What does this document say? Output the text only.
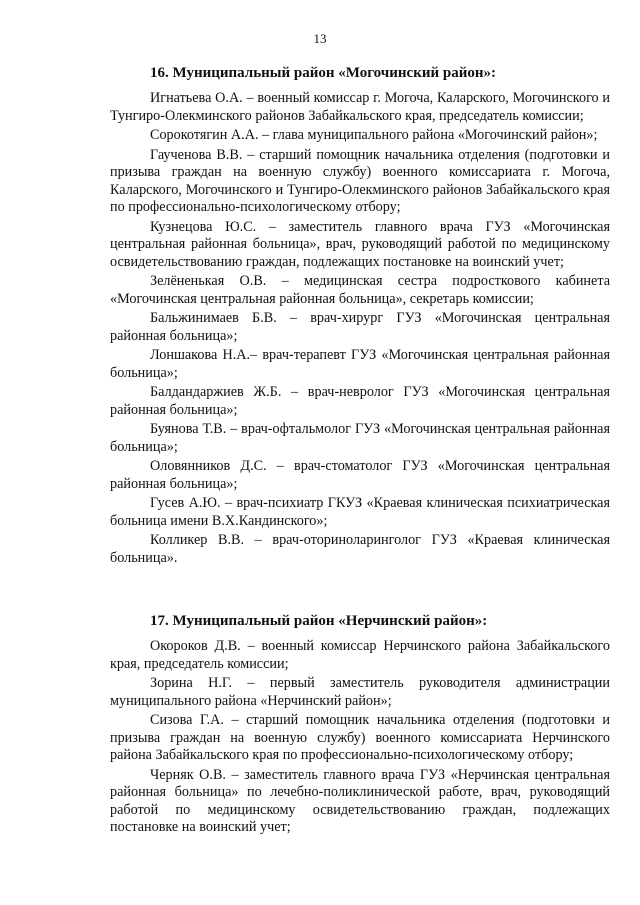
13
16. Муниципальный район «Могочинский район»:

Игнатьева О.А. – военный комиссар г. Могоча, Каларского, Могочинского и Тунгиро-Олекминского районов Забайкальского края, председатель комиссии;

Сорокотягин А.А. – глава муниципального района «Могочинский район»;

Гаученова В.В. – старший помощник начальника отделения (подготовки и призыва граждан на военную службу) военного комиссариата г. Могоча, Каларского, Могочинского и Тунгиро-Олекминского районов Забайкальского края по профессионально-психологическому отбору;

Кузнецова Ю.С. – заместитель главного врача ГУЗ «Могочинская центральная районная больница», врач, руководящий работой по медицинскому освидетельствованию граждан, подлежащих постановке на воинский учет;

Зелёненькая О.В. – медицинская сестра подросткового кабинета «Могочинская центральная районная больница», секретарь комиссии;

Бальжинимаев Б.В. – врач-хирург ГУЗ «Могочинская центральная районная больница»;

Лоншакова Н.А.– врач-терапевт ГУЗ «Могочинская центральная районная больница»;

Балдандаржиев Ж.Б. – врач-невролог ГУЗ «Могочинская центральная районная больница»;

Буянова Т.В. – врач-офтальмолог ГУЗ «Могочинская центральная районная больница»;

Оловянников Д.С. – врач-стоматолог ГУЗ «Могочинская центральная районная больница»;

Гусев А.Ю. – врач-психиатр ГКУЗ «Краевая клиническая психиатрическая больница имени В.Х.Кандинского»;

Колликер В.В. – врач-оториноларинголог ГУЗ «Краевая клиническая больница».

17. Муниципальный район «Нерчинский район»:

Окороков Д.В. – военный комиссар Нерчинского района Забайкальского края, председатель комиссии;

Зорина Н.Г. – первый заместитель руководителя администрации муниципального района «Нерчинский район»;

Сизова Г.А. – старший помощник начальника отделения (подготовки и призыва граждан на военную службу) военного комиссариата Нерчинского района Забайкальского края по профессионально-психологическому отбору;

Черняк О.В. – заместитель главного врача ГУЗ «Нерчинская центральная районная больница» по лечебно-поликлинической работе, врач, руководящий работой по медицинскому освидетельствованию граждан, подлежащих постановке на воинский учет;
